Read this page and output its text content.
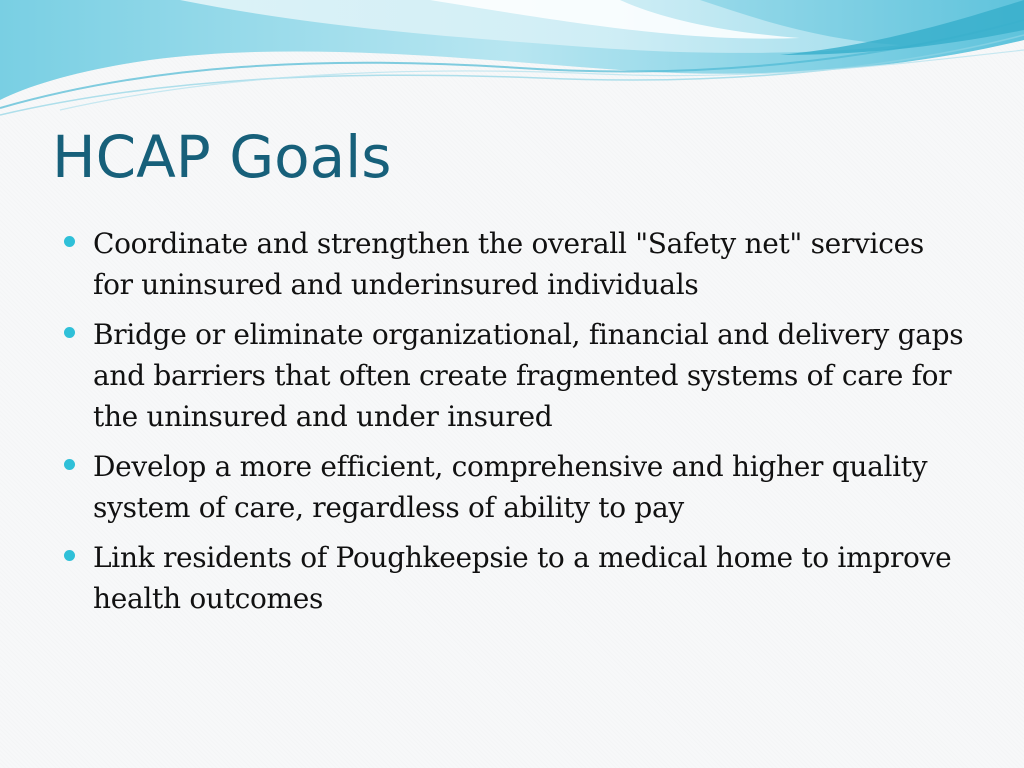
HCAP Goals
Coordinate and strengthen the overall "Safety net" services for uninsured and underinsured individuals
Bridge or eliminate organizational, financial and delivery gaps and barriers that often create fragmented systems of care for the uninsured and under insured
Develop a more efficient, comprehensive and higher quality system of care, regardless of ability to pay
Link residents of Poughkeepsie to a medical home to improve health outcomes
